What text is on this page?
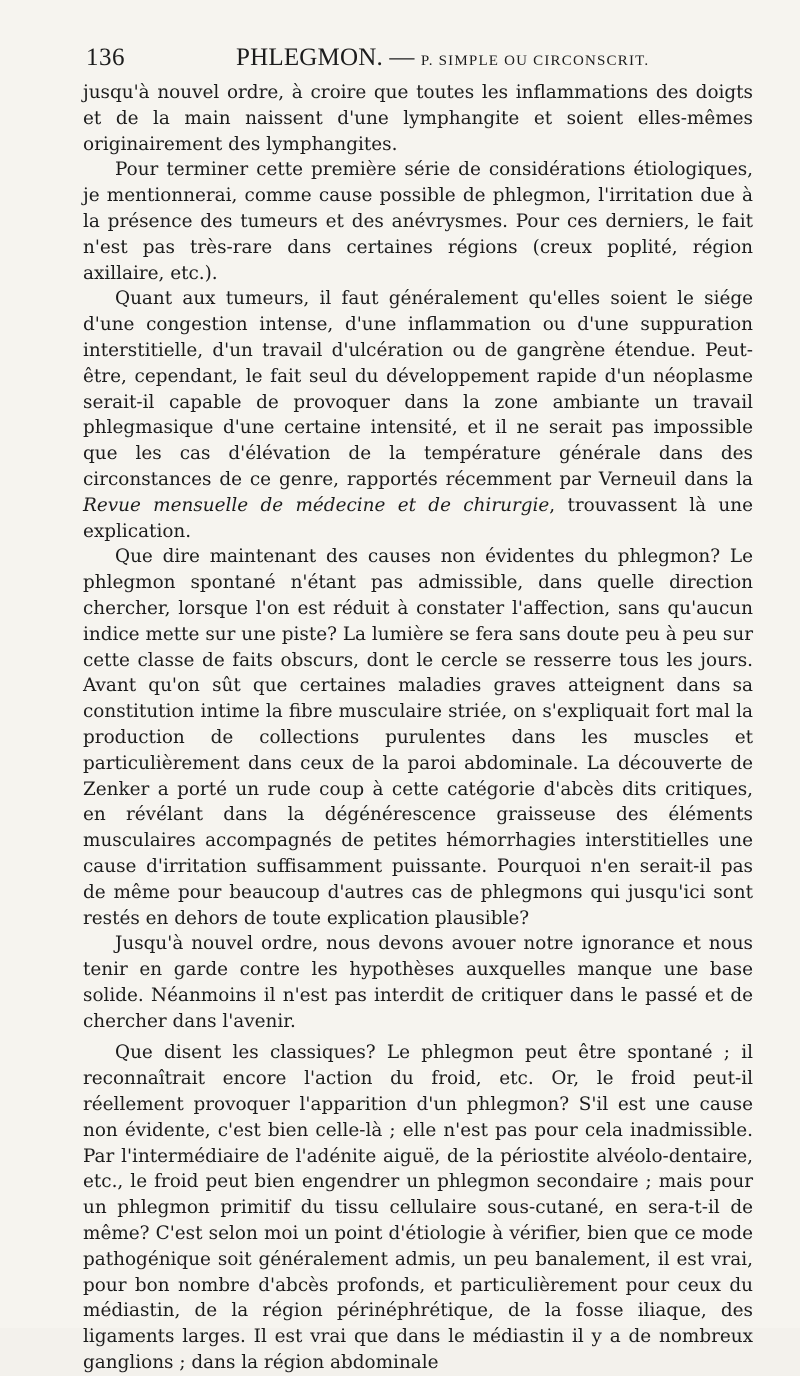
136	PHLEGMON. — P. SIMPLE OU CIRCONSCRIT.

jusqu'à nouvel ordre, à croire que toutes les inflammations des doigts et de la main naissent d'une lymphangite et soient elles-mêmes originairement des lymphangites.

Pour terminer cette première série de considérations étiologiques, je mentionnerai, comme cause possible de phlegmon, l'irritation due à la présence des tumeurs et des anévrysmes. Pour ces derniers, le fait n'est pas très-rare dans certaines régions (creux poplité, région axillaire, etc.).

Quant aux tumeurs, il faut généralement qu'elles soient le siége d'une congestion intense, d'une inflammation ou d'une suppuration interstitielle, d'un travail d'ulcération ou de gangrène étendue. Peut-être, cependant, le fait seul du développement rapide d'un néoplasme serait-il capable de provoquer dans la zone ambiante un travail phlegmasique d'une certaine intensité, et il ne serait pas impossible que les cas d'élévation de la température générale dans des circonstances de ce genre, rapportés récemment par Verneuil dans la Revue mensuelle de médecine et de chirurgie, trouvassent là une explication.

Que dire maintenant des causes non évidentes du phlegmon? Le phlegmon spontané n'étant pas admissible, dans quelle direction chercher, lorsque l'on est réduit à constater l'affection, sans qu'aucun indice mette sur une piste? La lumière se fera sans doute peu à peu sur cette classe de faits obscurs, dont le cercle se resserre tous les jours. Avant qu'on sût que certaines maladies graves atteignent dans sa constitution intime la fibre musculaire striée, on s'expliquait fort mal la production de collections purulentes dans les muscles et particulièrement dans ceux de la paroi abdominale. La découverte de Zenker a porté un rude coup à cette catégorie d'abcès dits critiques, en révélant dans la dégénérescence graisseuse des éléments musculaires accompagnés de petites hémorrhagies interstitielles une cause d'irritation suffisamment puissante. Pourquoi n'en serait-il pas de même pour beaucoup d'autres cas de phlegmons qui jusqu'ici sont restés en dehors de toute explication plausible?

Jusqu'à nouvel ordre, nous devons avouer notre ignorance et nous tenir en garde contre les hypothèses auxquelles manque une base solide. Néanmoins il n'est pas interdit de critiquer dans le passé et de chercher dans l'avenir.

Que disent les classiques? Le phlegmon peut être spontané ; il reconnaîtrait encore l'action du froid, etc. Or, le froid peut-il réellement provoquer l'apparition d'un phlegmon? S'il est une cause non évidente, c'est bien celle-là ; elle n'est pas pour cela inadmissible. Par l'intermédiaire de l'adénite aiguë, de la périostite alvéolo-dentaire, etc., le froid peut bien engendrer un phlegmon secondaire ; mais pour un phlegmon primitif du tissu cellulaire sous-cutané, en sera-t-il de même? C'est selon moi un point d'étiologie à vérifier, bien que ce mode pathogénique soit généralement admis, un peu banalement, il est vrai, pour bon nombre d'abcès profonds, et particulièrement pour ceux du médiastin, de la région périnéphrétique, de la fosse iliaque, des ligaments larges. Il est vrai que dans le médiastin il y a de nombreux ganglions ; dans la région abdominale
